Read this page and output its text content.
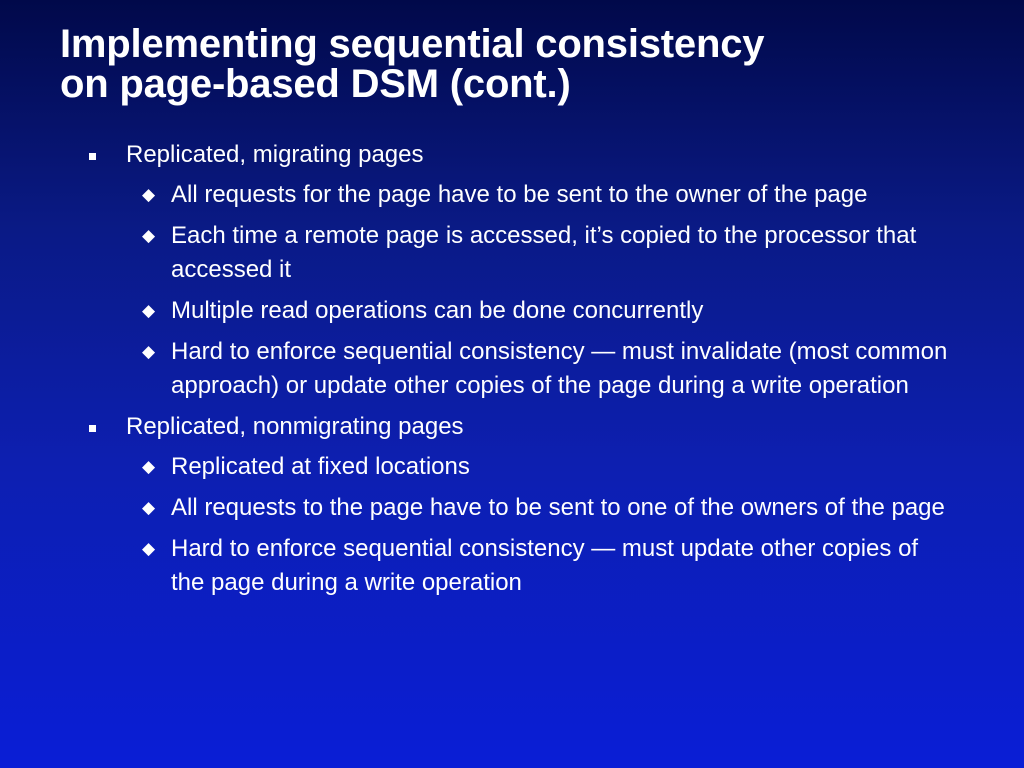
Implementing sequential consistency
on page-based DSM (cont.)
Replicated, migrating pages
◆ All requests for the page have to be sent to the owner of the page
◆ Each time a remote page is accessed, it’s copied to the processor that accessed it
◆ Multiple read operations can be done concurrently
◆ Hard to enforce sequential consistency — must invalidate (most common approach) or update other copies of the page during a write operation
Replicated, nonmigrating pages
◆ Replicated at fixed locations
◆ All requests to the page have to be sent to one of the owners of the page
◆ Hard to enforce sequential consistency — must update other copies of the page during a write operation
